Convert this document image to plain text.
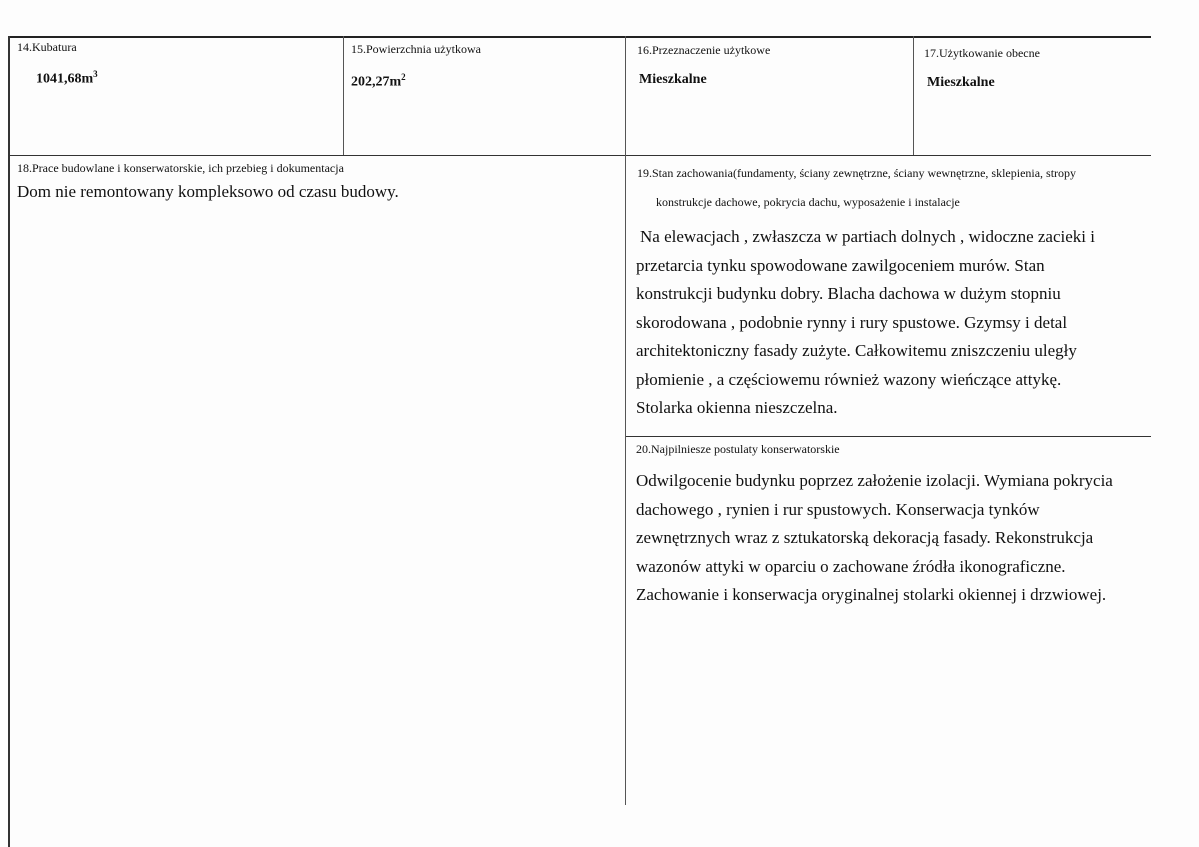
14.Kubatura
$1041,68m^3$
15.Powierzchnia użytkowa
$202,27m^2$
16.Przeznaczenie użytkowe
Mieszkalne
17.Użytkowanie obecne
Mieszkalne
18.Prace budowlane i konserwatorskie, ich przebieg i dokumentacja
Dom nie remontowany kompleksowo od czasu budowy.
19.Stan zachowania(fundamenty, ściany zewnętrzne, ściany wewnętrzne, sklepienia, stropy
konstrukcje dachowe, pokrycia dachu, wyposażenie i instalacje
Na elewacjach , zwłaszcza w partiach dolnych , widoczne zacieki i
przetarcia tynku spowodowane zawilgoceniem murów. Stan
konstrukcji budynku dobry. Blacha dachowa w dużym stopniu
skorodowana , podobnie rynny i rury spustowe. Gzymsy i detal
architektoniczny fasady zużyte. Całkowitemu zniszczeniu uległy
płomienie , a częściowemu również wazony wieńczące attykę.
Stolarka okienna nieszczelna.
20.Najpilniesze postulaty konserwatorskie
Odwilgocenie budynku poprzez założenie izolacji. Wymiana pokrycia
dachowego , rynien i rur spustowych. Konserwacja tynków
zewnętrznych wraz z sztukatorską dekoracją fasady. Rekonstrukcja
wazonów attyki w oparciu o zachowane źródła ikonograficzne.
Zachowanie i konserwacja oryginalnej stolarki okiennej i drzwiowej.
